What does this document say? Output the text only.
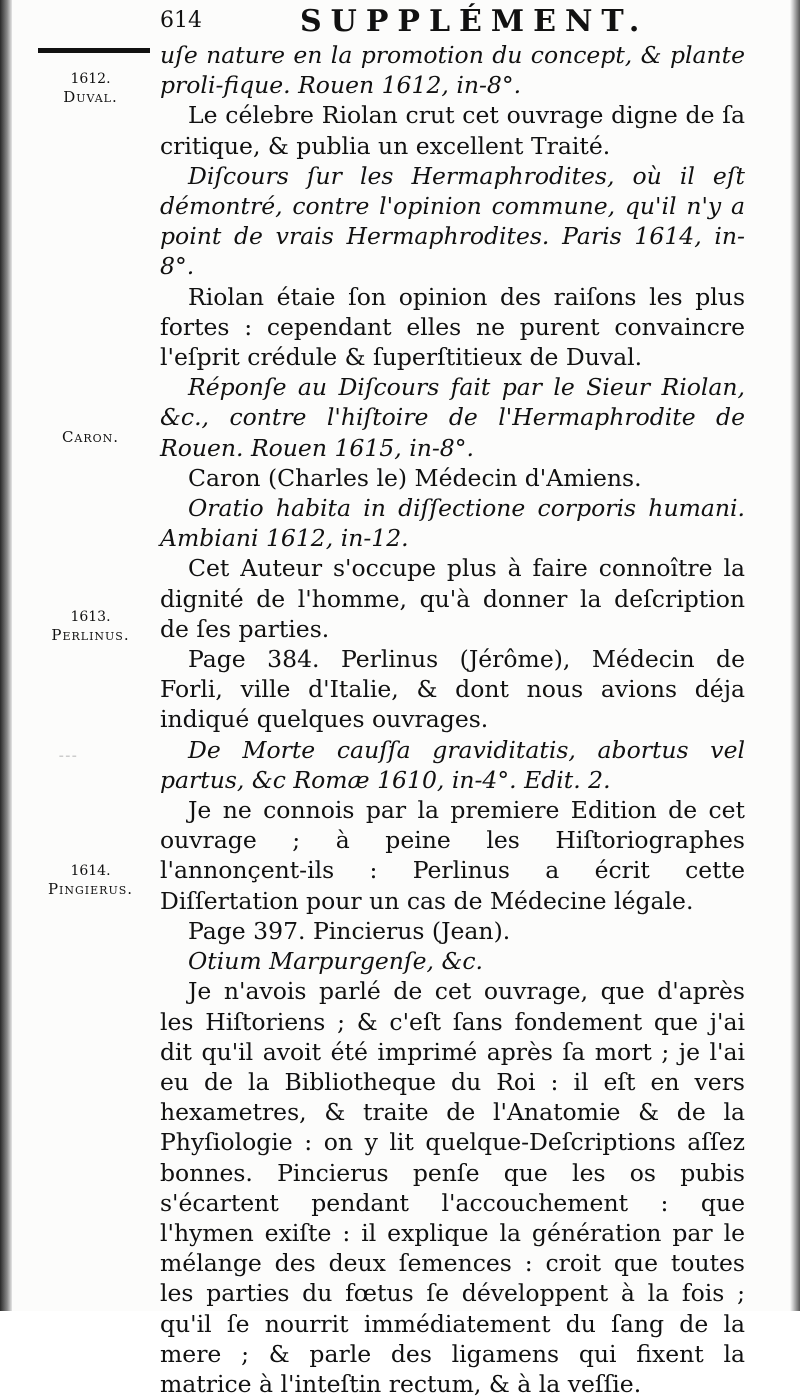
614	SUPPLÉMENT.
⁃⁃⁃
1612.
Duval.
Caron.
1613.
Perlinus.
1614.
Pingierus.

uſe nature en la promotion du concept, & plante proli-fique. Rouen 1612, in-8°.

Le célebre Riolan crut cet ouvrage digne de ſa critique, & publia un excellent Traité.

Diſcours ſur les Hermaphrodites, où il eſt démontré, contre l'opinion commune, qu'il n'y a point de vrais Hermaphrodites. Paris 1614, in-8°.

Riolan étaie ſon opinion des raiſons les plus fortes : cependant elles ne purent convaincre l'eſprit crédule & ſuperſtitieux de Duval.

Réponſe au Diſcours fait par le Sieur Riolan, &c., contre l'hiſtoire de l'Hermaphrodite de Rouen. Rouen 1615, in-8°.

Caron (Charles le) Médecin d'Amiens.

Oratio habita in diſſectione corporis humani. Ambiani 1612, in-12.

Cet Auteur s'occupe plus à faire connoître la dignité de l'homme, qu'à donner la deſcription de ſes parties.

Page 384. Perlinus (Jérôme), Médecin de Forli, ville d'Italie, & dont nous avions déja indiqué quelques ouvrages.

De Morte cauſſa graviditatis, abortus vel partus, &c Romæ 1610, in-4°. Edit. 2.

Je ne connois par la premiere Edition de cet ouvrage ; à peine les Hiſtoriographes l'annonçent-ils : Perlinus a écrit cette Diſſertation pour un cas de Médecine légale.

Page 397. Pincierus (Jean).

Otium Marpurgenſe, &c.

Je n'avois parlé de cet ouvrage, que d'après les Hiſtoriens ; & c'eſt ſans fondement que j'ai dit qu'il avoit été imprimé après ſa mort ; je l'ai eu de la Bibliotheque du Roi : il eſt en vers hexametres, & traite de l'Anatomie & de la Phyſiologie : on y lit quelque-Deſcriptions aſſez bonnes. Pincierus penſe que les os pubis s'écartent pendant l'accouchement : que l'hymen exiſte : il explique la génération par le mélange des deux ſemences : croit que toutes les parties du fœtus ſe développent à la fois ; qu'il ſe nourrit immédiatement du ſang de la mere ; & parle des ligamens qui fixent la matrice à l'inteſtin rectum, & à la veſſie.
